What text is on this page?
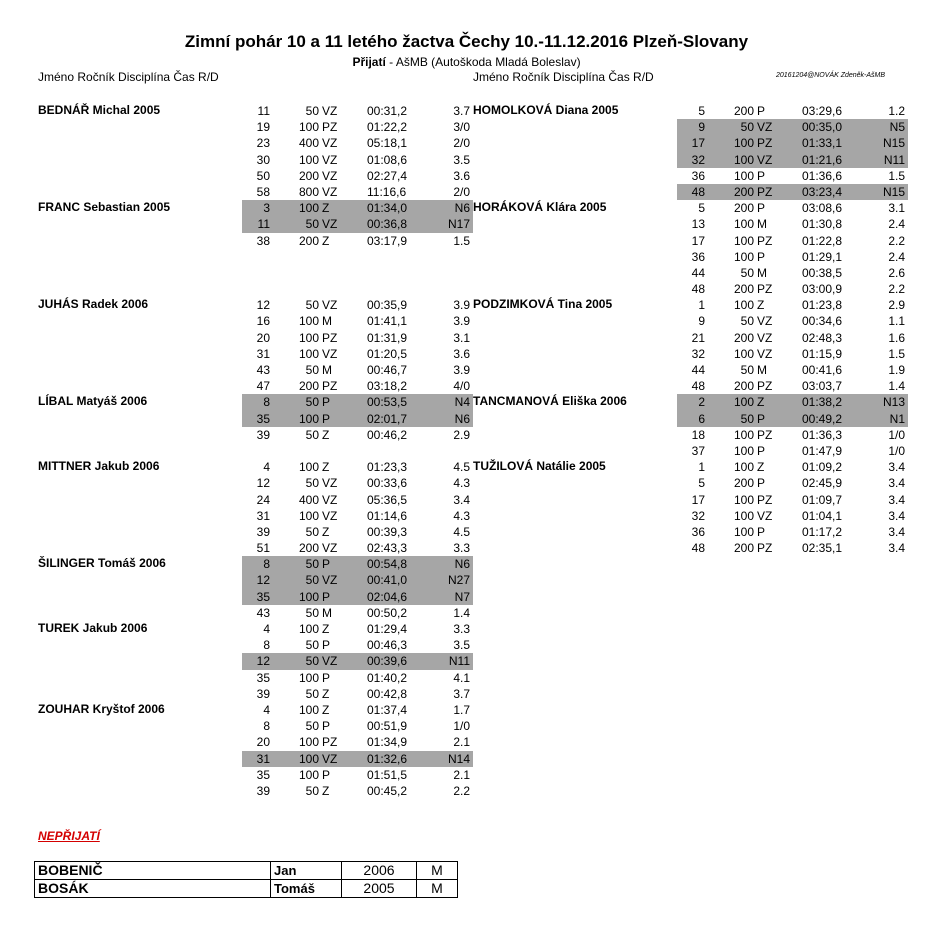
Zimní pohár 10 a 11 letého žactva Čechy 10.-11.12.2016 Plzeň-Slovany
Přijatí - AšMB (Autoškoda Mladá Boleslav)
Jméno Ročník Disciplína Čas R/D	Jméno Ročník Disciplína Čas R/D	20161204@NOVÁK Zdeněk-AšMB
BEDNÁŘ Michal 2005	11	50 VZ 00:31,2	3.7
19 100 PZ 01:22,2	3/0
23 400 VZ 05:18,1	2/0
30 100 VZ 01:08,6	3.5
50 200 VZ 02:27,4	3.6
58 800 VZ 11:16,6	2/0
FRANC Sebastian 2005	3 100 Z	01:34,0	N6
11	50 VZ 00:36,8	N17
38 200 Z	03:17,9	1.5
JUHÁS Radek 2006	12	50 VZ 00:35,9	3.9
16 100 M	01:41,1	3.9
20 100 PZ 01:31,9	3.1
31 100 VZ 01:20,5	3.6
43	50 M	00:46,7	3.9
47 200 PZ 03:18,2	4/0
LÍBAL Matyáš 2006	8	50 P	00:53,5	N4
35 100 P	02:01,7	N6
39	50 Z	00:46,2	2.9
MITTNER Jakub 2006	4 100 Z	01:23,3	4.5
12	50 VZ 00:33,6	4.3
24 400 VZ 05:36,5	3.4
31 100 VZ 01:14,6	4.3
39	50 Z	00:39,3	4.5
51 200 VZ 02:43,3	3.3
ŠILINGER Tomáš 2006	8	50 P	00:54,8	N6
12	50 VZ 00:41,0	N27
35 100 P	02:04,6	N7
43	50 M	00:50,2	1.4
TUREK Jakub 2006	4 100 Z	01:29,4	3.3
8	50 P	00:46,3	3.5
12	50 VZ 00:39,6	N11
35 100 P	01:40,2	4.1
39	50 Z	00:42,8	3.7
ZOUHAR Kryštof 2006	4 100 Z	01:37,4	1.7
8	50 P	00:51,9	1/0
20 100 PZ 01:34,9	2.1
31 100 VZ 01:32,6	N14
35 100 P	01:51,5	2.1
39	50 Z	00:45,2	2.2
HOMOLKOVÁ Diana 2005	5 200 P	03:29,6	1.2
9	50 VZ 00:35,0	N5
17 100 PZ 01:33,1	N15
32 100 VZ 01:21,6	N11
36 100 P	01:36,6	1.5
48 200 PZ 03:23,4	N15
HORÁKOVÁ Klára 2005	5 200 P	03:08,6	3.1
13 100 M	01:30,8	2.4
17 100 PZ 01:22,8	2.2
36 100 P	01:29,1	2.4
44	50 M	00:38,5	2.6
48 200 PZ 03:00,9	2.2
PODZIMKOVÁ Tina 2005	1 100 Z	01:23,8	2.9
9	50 VZ 00:34,6	1.1
21 200 VZ 02:48,3	1.6
32 100 VZ 01:15,9	1.5
44	50 M	00:41,6	1.9
48 200 PZ 03:03,7	1.4
TANCMANOVÁ Eliška 2006	2 100 Z	01:38,2	N13
6	50 P	00:49,2	N1
18 100 PZ 01:36,3	1/0
37 100 P	01:47,9	1/0
TUŽILOVÁ Natálie 2005	1 100 Z	01:09,2	3.4
5 200 P	02:45,9	3.4
17 100 PZ 01:09,7	3.4
32 100 VZ 01:04,1	3.4
36 100 P	01:17,2	3.4
48 200 PZ 02:35,1	3.4
NEPŘIJATÍ
BOBENIČ	Jan	2006	M
BOSÁK	Tomáš	2005	M
